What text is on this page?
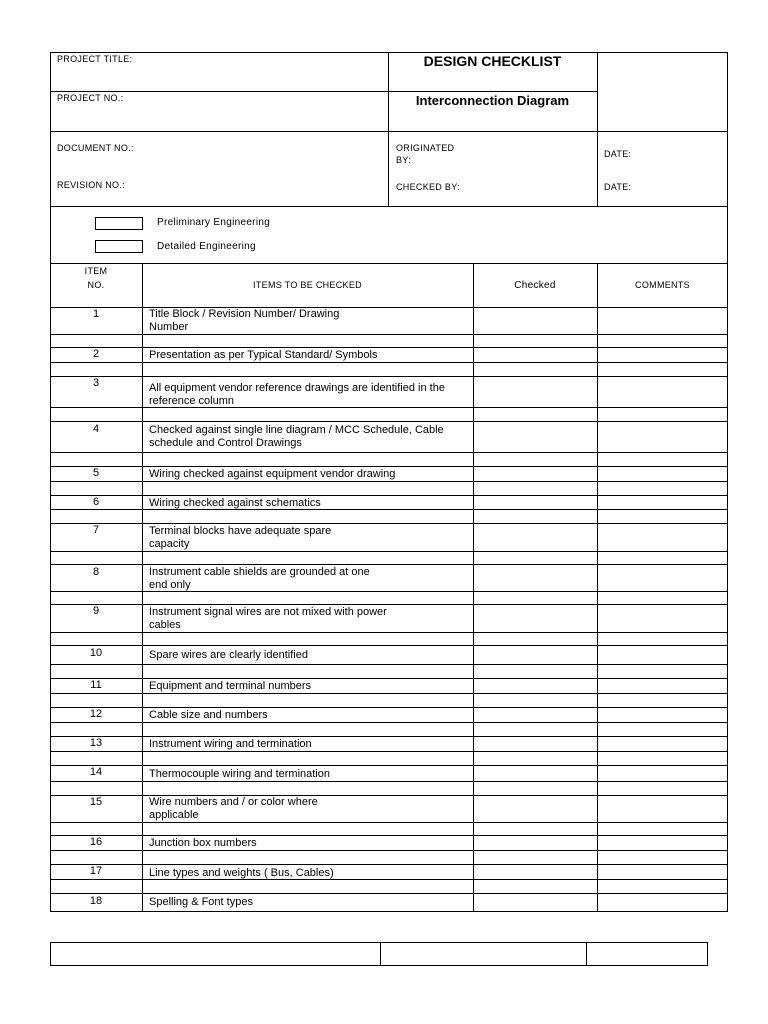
PROJECT TITLE:
PROJECT NO.:
DESIGN CHECKLIST
Interconnection Diagram
DOCUMENT NO.:
REVISION NO.:
ORIGINATED BY:
CHECKED BY:
DATE:
DATE:
Preliminary Engineering
Detailed Engineering
ITEM NO.	ITEMS TO BE CHECKED	Checked	COMMENTS
1	Title Block / Revision Number/ Drawing Number
2	Presentation as per Typical Standard/ Symbols
3	All equipment vendor reference drawings are identified in the reference column
4	Checked against single line diagram / MCC Schedule, Cable schedule and Control Drawings
5	Wiring checked against equipment vendor drawing
6	Wiring checked against schematics
7	Terminal blocks have adequate spare capacity
8	Instrument cable shields are grounded at one end only
9	Instrument signal wires are not mixed with power cables
10	Spare wires are clearly identified
11	Equipment and terminal numbers
12	Cable size and numbers
13	Instrument wiring and termination
14	Thermocouple wiring and termination
15	Wire numbers and / or color where applicable
16	Junction box numbers
17	Line types and weights ( Bus, Cables)
18	Spelling & Font types
